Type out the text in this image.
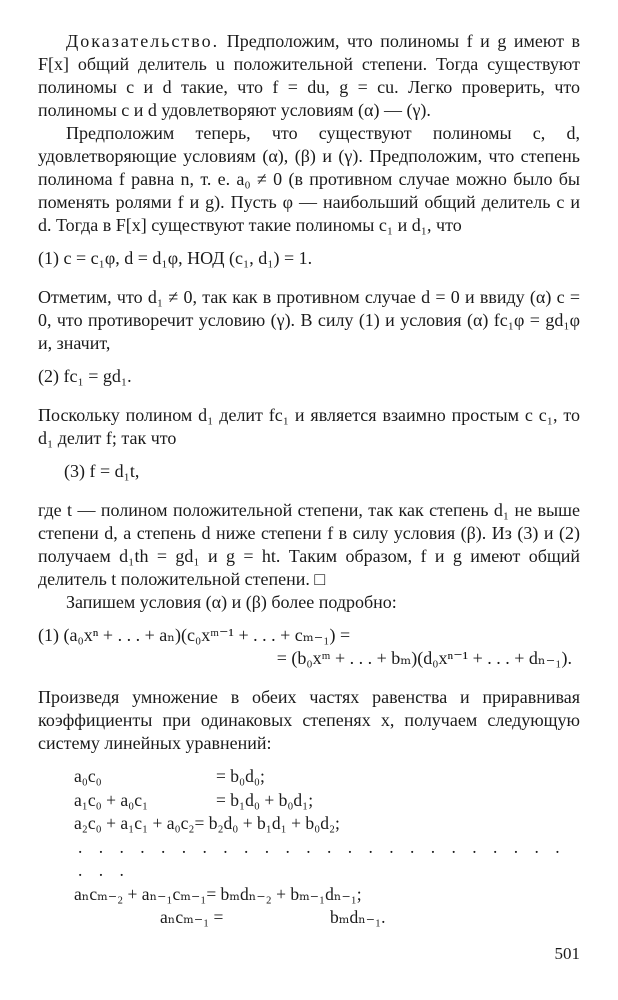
Доказательство. Предположим, что полиномы f и g имеют в F[x] общий делитель u положительной степени. Тогда существуют полиномы c и d такие, что f = du, g = cu. Легко проверить, что полиномы c и d удовлетворяют условиям (α) — (γ).

Предположим теперь, что существуют полиномы c, d, удовлетворяющие условиям (α), (β) и (γ). Предположим, что степень полинома f равна n, т. е. a₀ ≠ 0 (в противном случае можно было бы поменять ролями f и g). Пусть φ — наибольший общий делитель c и d. Тогда в F[x] существуют такие полиномы c₁ и d₁, что

(1) c = c₁φ, d = d₁φ, НОД (c₁, d₁) = 1.

Отметим, что d₁ ≠ 0, так как в противном случае d = 0 и ввиду (α) c = 0, что противоречит условию (γ). В силу (1) и условия (α) fc₁φ = gd₁φ и, значит,

(2) fc₁ = gd₁.

Поскольку полином d₁ делит fc₁ и является взаимно простым с c₁, то d₁ делит f; так что

(3) f = d₁t,

где t — полином положительной степени, так как степень d₁ не выше степени d, а степень d ниже степени f в силу условия (β). Из (3) и (2) получаем d₁th = gd₁ и g = ht. Таким образом, f и g имеют общий делитель t положительной степени. □

Запишем условия (α) и (β) более подробно:

(1) (a₀xⁿ + . . . + aₙ)(c₀xᵐ⁻¹ + . . . + cₘ₋₁) =

= (b₀xᵐ + . . . + bₘ)(d₀xⁿ⁻¹ + . . . + dₙ₋₁).

Произведя умножение в обеих частях равенства и приравнивая коэффициенты при одинаковых степенях x, получаем следующую систему линейных уравнений:

a₀c₀	= b₀d₀;
a₁c₀ + a₀c₁	= b₁d₀ + b₀d₁;
a₂c₀ + a₁c₁ + a₀c₂ = b₂d₀ + b₁d₁ + b₀d₂;
. . . . . . . . . . . . . . . . . . . . . . . . . . .
aₙcₘ₋₂ + aₙ₋₁cₘ₋₁ = bₘdₙ₋₂ + bₘ₋₁dₙ₋₁;
aₙcₘ₋₁ =	bₘdₙ₋₁.
501
